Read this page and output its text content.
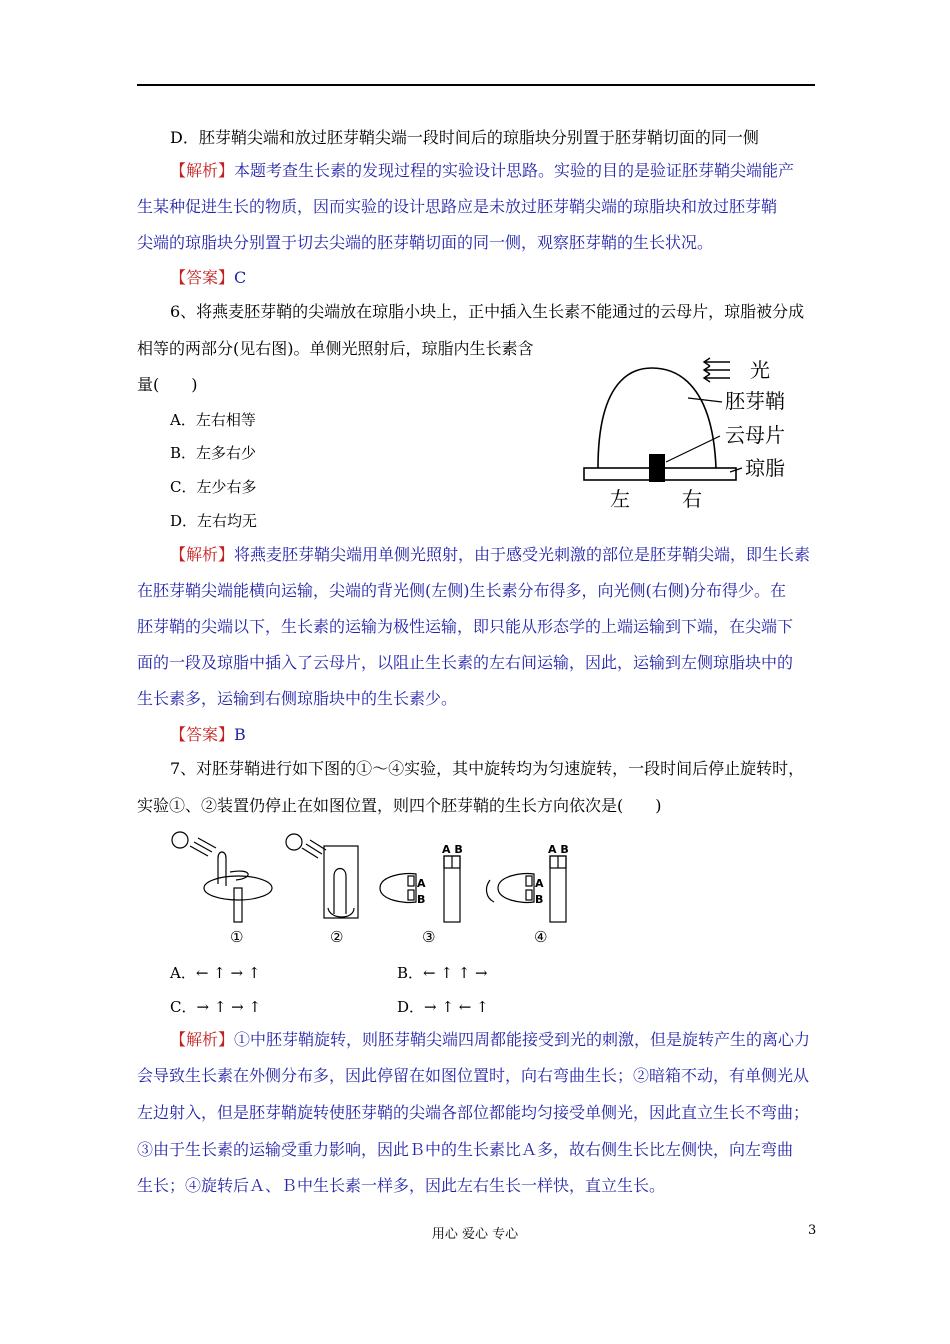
D．胚芽鞘尖端和放过胚芽鞘尖端一段时间后的琼脂块分别置于胚芽鞘切面的同一侧
【解析】本题考查生长素的发现过程的实验设计思路。实验的目的是验证胚芽鞘尖端能产
生某种促进生长的物质，因而实验的设计思路应是未放过胚芽鞘尖端的琼脂块和放过胚芽鞘
尖端的琼脂块分别置于切去尖端的胚芽鞘切面的同一侧，观察胚芽鞘的生长状况。
【答案】C
6、将燕麦胚芽鞘的尖端放在琼脂小块上，正中插入生长素不能通过的云母片，琼脂被分成
相等的两部分(见右图)。单侧光照射后，琼脂内生长素含
量(　　)
A．左右相等
B．左多右少
C．左少右多
D．左右均无
光
胚芽鞘
云母片
琼脂
左	右
【解析】将燕麦胚芽鞘尖端用单侧光照射，由于感受光刺激的部位是胚芽鞘尖端，即生长素
在胚芽鞘尖端能横向运输，尖端的背光侧(左侧)生长素分布得多，向光侧(右侧)分布得少。在
胚芽鞘的尖端以下，生长素的运输为极性运输，即只能从形态学的上端运输到下端，在尖端下
面的一段及琼脂中插入了云母片，以阻止生长素的左右间运输，因此，运输到左侧琼脂块中的
生长素多，运输到右侧琼脂块中的生长素少。
【答案】B
7、对胚芽鞘进行如下图的①～④实验，其中旋转均为匀速旋转，一段时间后停止旋转时，
实验①、②装置仍停止在如图位置，则四个胚芽鞘的生长方向依次是(　　)
A
B
A B
A
B
A B
①	②	③	④
A．← ↑ → ↑	B．← ↑ ↑ →
C．→ ↑ → ↑	D．→ ↑ ← ↑
【解析】①中胚芽鞘旋转，则胚芽鞘尖端四周都能接受到光的刺激，但是旋转产生的离心力
会导致生长素在外侧分布多，因此停留在如图位置时，向右弯曲生长；②暗箱不动，有单侧光从
左边射入，但是胚芽鞘旋转使胚芽鞘的尖端各部位都能均匀接受单侧光，因此直立生长不弯曲；
③由于生长素的运输受重力影响，因此Ｂ中的生长素比Ａ多，故右侧生长比左侧快，向左弯曲
生长；④旋转后Ａ、Ｂ中生长素一样多，因此左右生长一样快，直立生长。
用心 爱心 专心	3
